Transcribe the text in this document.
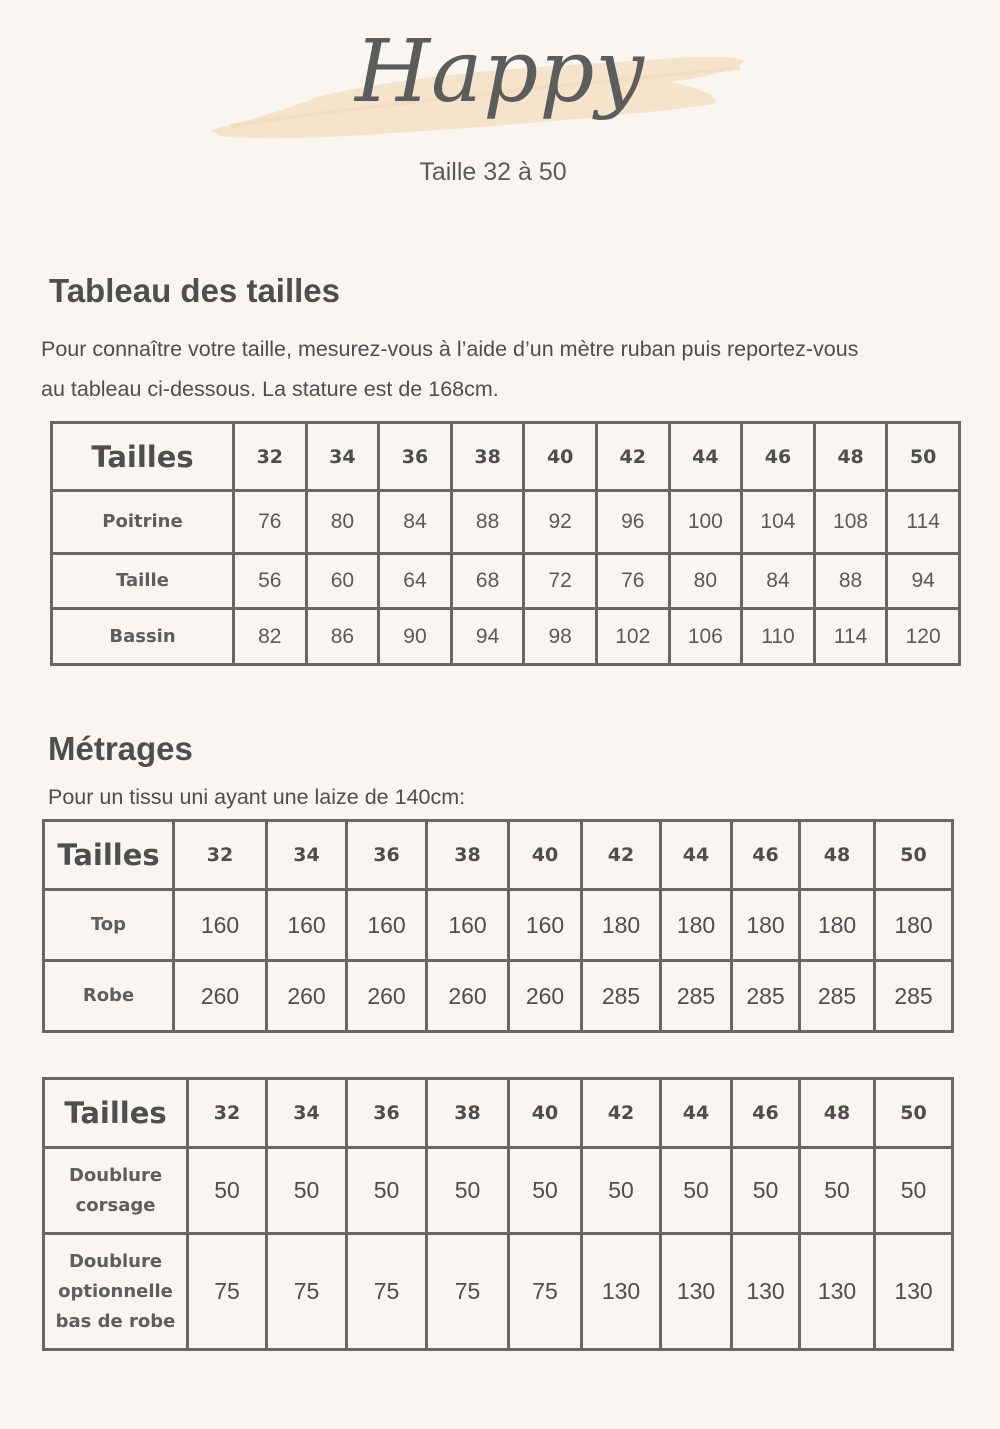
Happy
Taille 32 à 50
Tableau des tailles

Pour connaître votre taille, mesurez-vous à l’aide d’un mètre ruban puis reportez-vous

au tableau ci-dessous. La stature est de 168cm.

Tailles	32	34	36	38	40	42	44	46	48	50
Poitrine	76	80	84	88	92	96	100	104	108	114
Taille	56	60	64	68	72	76	80	84	88	94
Bassin	82	86	90	94	98	102	106	110	114	120
Métrages

Pour un tissu uni ayant une laize de 140cm:

Tailles	32	34	36	38	40	42	44	46	48	50
Top	160	160	160	160	160	180	180	180	180	180
Robe	260	260	260	260	260	285	285	285	285	285
Tailles	32	34	36	38	40	42	44	46	48	50

Doublure
corsage	50	50	50	50	50	50	50	50	50	50

Doublure
optionnelle
bas de robe	75	75	75	75	75	130	130	130	130	130
